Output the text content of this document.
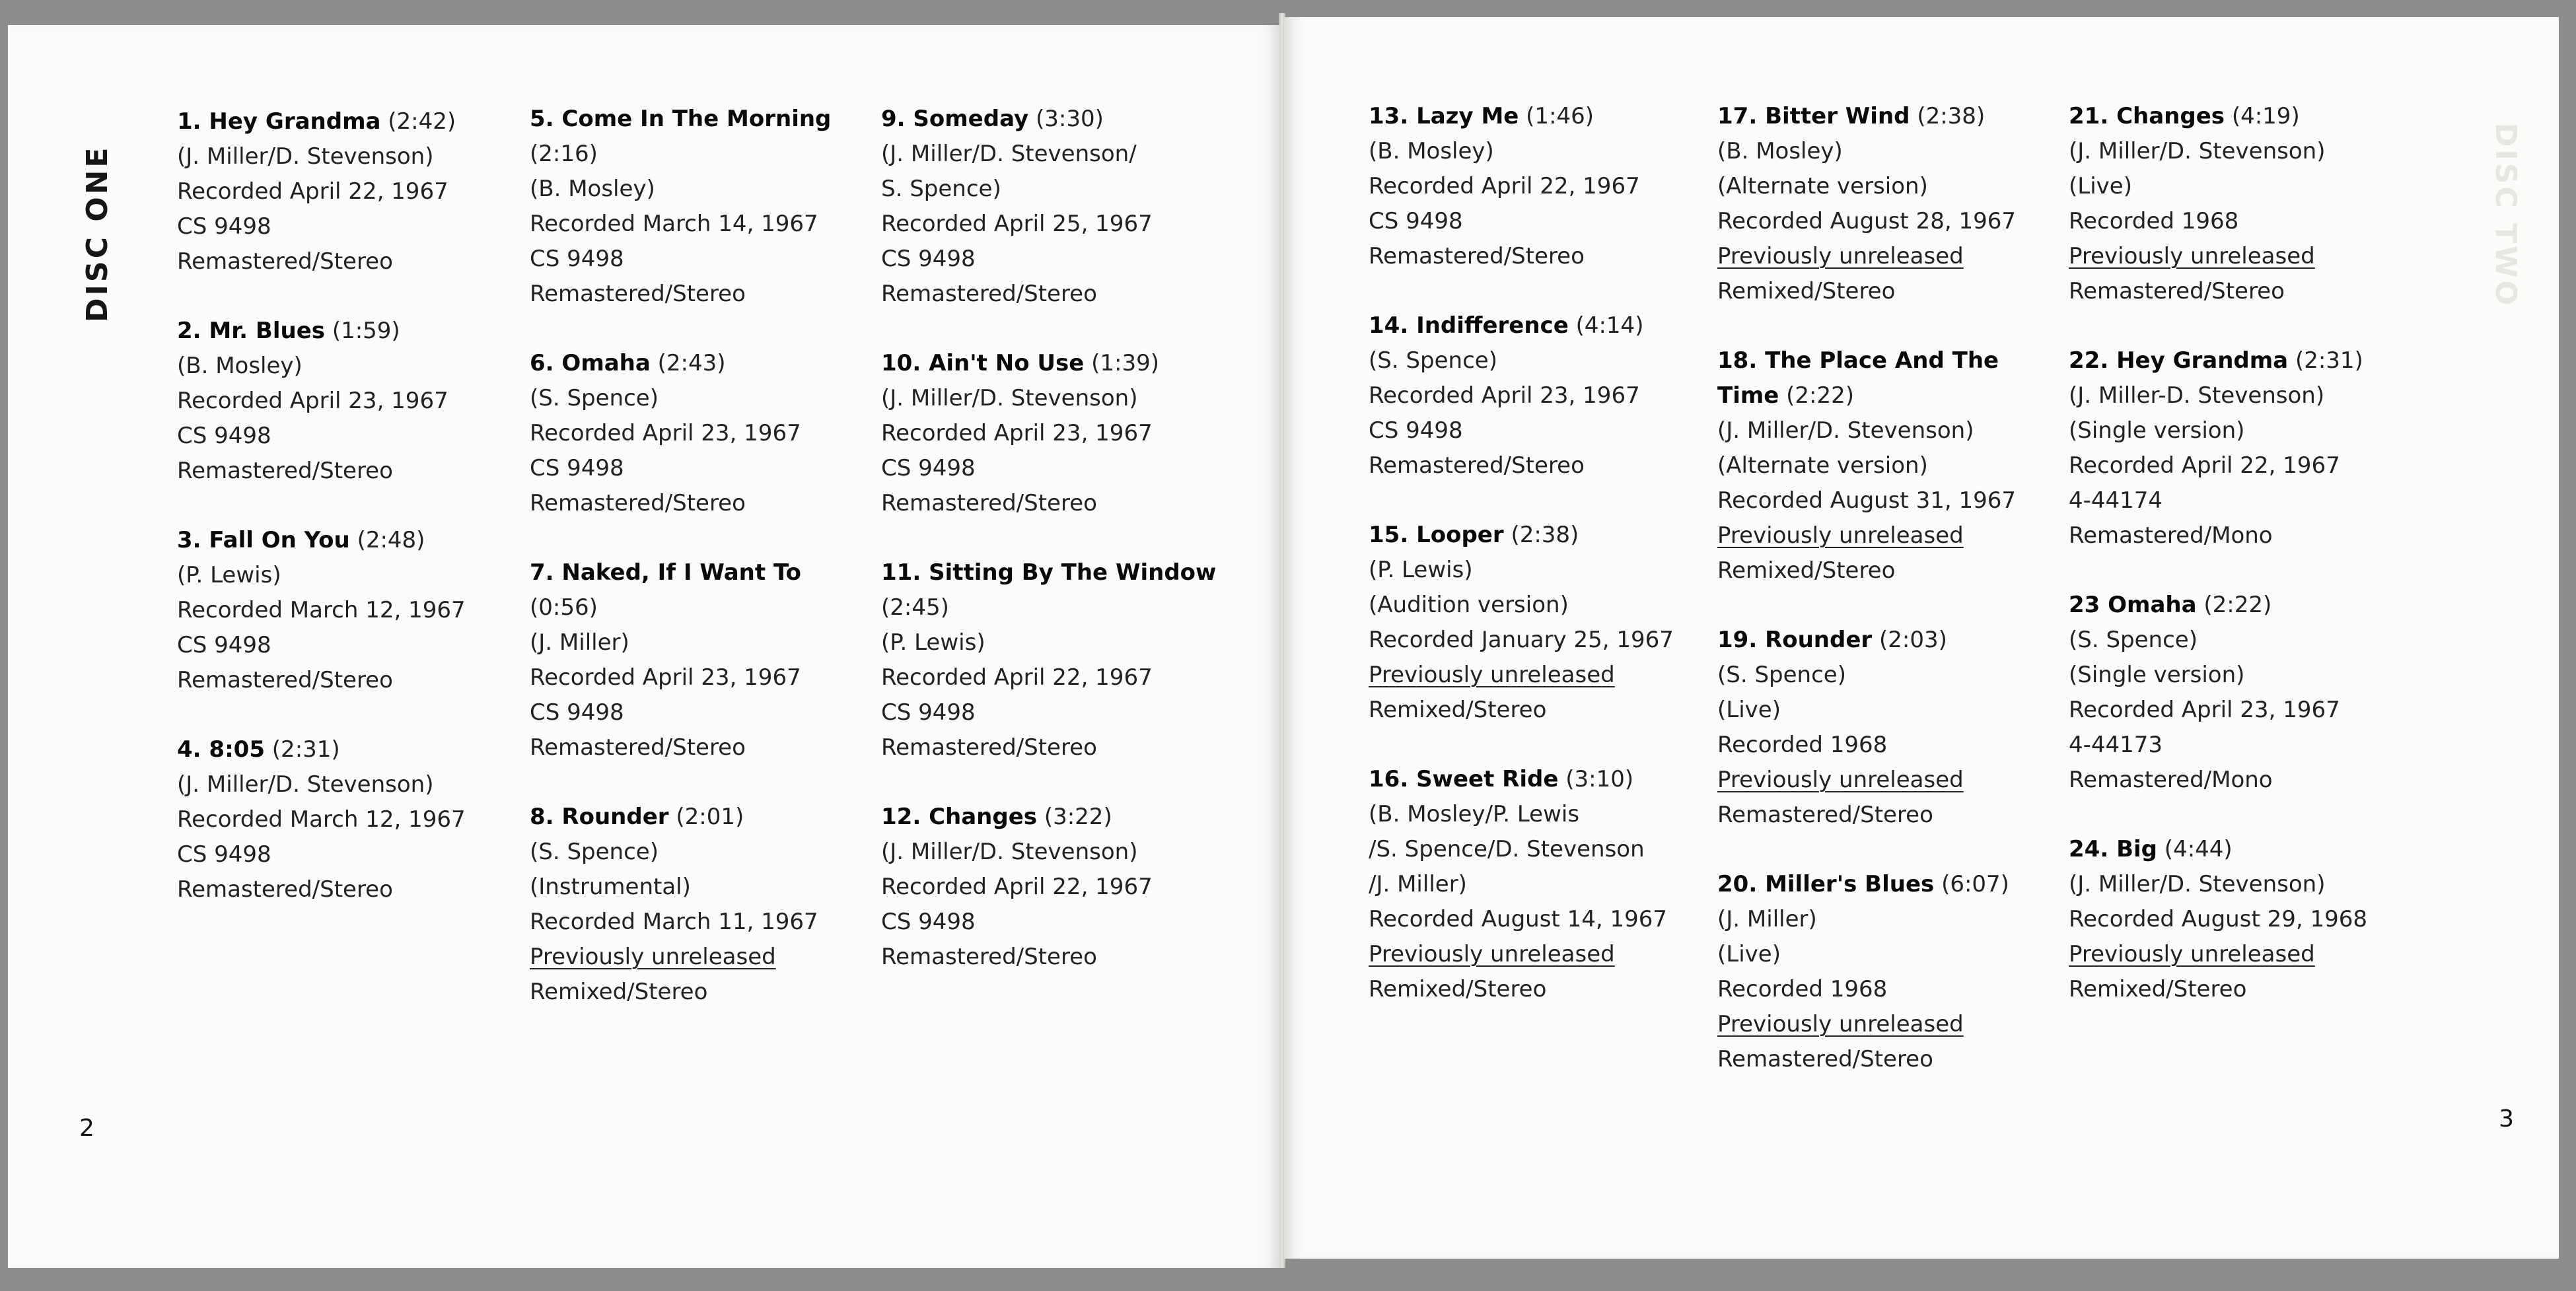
DISC ONE
1. Hey Grandma (2:42)
(J. Miller/D. Stevenson)
Recorded April 22, 1967
CS 9498
Remastered/Stereo
2. Mr. Blues (1:59)
(B. Mosley)
Recorded April 23, 1967
CS 9498
Remastered/Stereo
3. Fall On You (2:48)
(P. Lewis)
Recorded March 12, 1967
CS 9498
Remastered/Stereo
4. 8:05 (2:31)
(J. Miller/D. Stevenson)
Recorded March 12, 1967
CS 9498
Remastered/Stereo
5. Come In The Morning (2:16)
(B. Mosley)
Recorded March 14, 1967
CS 9498
Remastered/Stereo
6. Omaha (2:43)
(S. Spence)
Recorded April 23, 1967
CS 9498
Remastered/Stereo
7. Naked, If I Want To (0:56)
(J. Miller)
Recorded April 23, 1967
CS 9498
Remastered/Stereo
8. Rounder (2:01)
(S. Spence)
(Instrumental)
Recorded March 11, 1967
Previously unreleased
Remixed/Stereo
9. Someday (3:30)
(J. Miller/D. Stevenson/
S. Spence)
Recorded April 25, 1967
CS 9498
Remastered/Stereo
10. Ain't No Use (1:39)
(J. Miller/D. Stevenson)
Recorded April 23, 1967
CS 9498
Remastered/Stereo
11. Sitting By The Window (2:45)
(P. Lewis)
Recorded April 22, 1967
CS 9498
Remastered/Stereo
12. Changes (3:22)
(J. Miller/D. Stevenson)
Recorded April 22, 1967
CS 9498
Remastered/Stereo
2
DISC TWO
13. Lazy Me (1:46)
(B. Mosley)
Recorded April 22, 1967
CS 9498
Remastered/Stereo
14. Indifference (4:14)
(S. Spence)
Recorded April 23, 1967
CS 9498
Remastered/Stereo
15. Looper (2:38)
(P. Lewis)
(Audition version)
Recorded January 25, 1967
Previously unreleased
Remixed/Stereo
16. Sweet Ride (3:10)
(B. Mosley/P. Lewis
/S. Spence/D. Stevenson
/J. Miller)
Recorded August 14, 1967
Previously unreleased
Remixed/Stereo
17. Bitter Wind (2:38)
(B. Mosley)
(Alternate version)
Recorded August 28, 1967
Previously unreleased
Remixed/Stereo
18. The Place And The Time (2:22)
(J. Miller/D. Stevenson)
(Alternate version)
Recorded August 31, 1967
Previously unreleased
Remixed/Stereo
19. Rounder (2:03)
(S. Spence)
(Live)
Recorded 1968
Previously unreleased
Remastered/Stereo
20. Miller's Blues (6:07)
(J. Miller)
(Live)
Recorded 1968
Previously unreleased
Remastered/Stereo
21. Changes (4:19)
(J. Miller/D. Stevenson)
(Live)
Recorded 1968
Previously unreleased
Remastered/Stereo
22. Hey Grandma (2:31)
(J. Miller-D. Stevenson)
(Single version)
Recorded April 22, 1967
4-44174
Remastered/Mono
23 Omaha (2:22)
(S. Spence)
(Single version)
Recorded April 23, 1967
4-44173
Remastered/Mono
24. Big (4:44)
(J. Miller/D. Stevenson)
Recorded August 29, 1968
Previously unreleased
Remixed/Stereo
3
